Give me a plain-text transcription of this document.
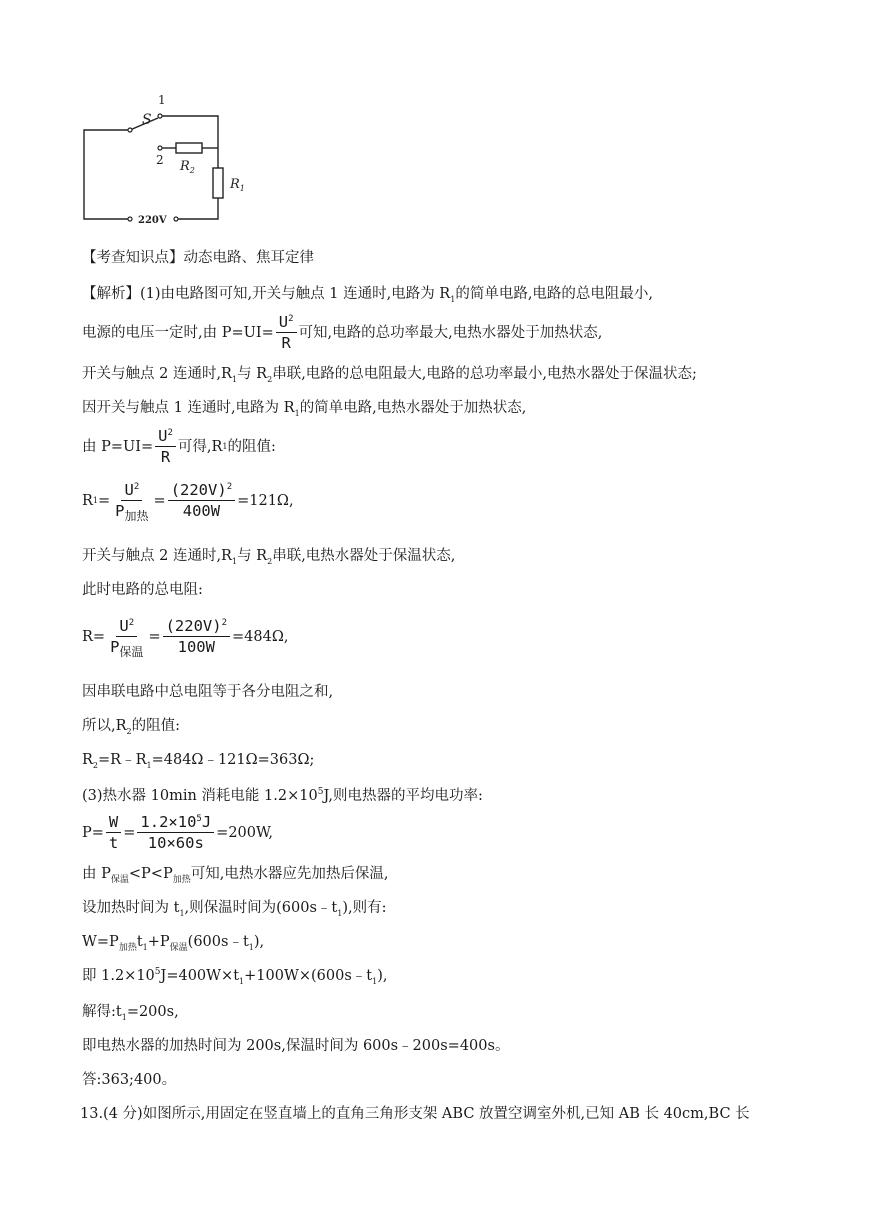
S
1
2 $R_2$
$R_1$
220V
【考查知识点】动态电路、焦耳定律
【解析】(1)由电路图可知,开关与触点 1 连通时,电路为 $R_1$的简单电路,电路的总电阻最小,
电源的电压一定时,由 $P=UI= \frac{U^2}{R}$ 可知,电路的总功率最大,电热水器处于加热状态,
开关与触点 2 连通时$,R_1$与 $R_2$串联,电路的总电阻最大,电路的总功率最小,电热水器处于保温状态;
因开关与触点 1 连通时,电路为 $R_1$的简单电路,电热水器处于加热状态,
由 $P=UI= \frac{U^2}{R}$ 可得,R 1 的阻值:
R $1 = \frac{U^2}{P_{加热}} = \frac{(220V)^2}{400W} =121\Omega$,
开关与触点 2 连通时$,R_1$与 $R_2$串联,电热水器处于保温状态,
此时电路的总电阻:
$R= \frac{U^2}{P_{保温}} = \frac{(220V)^2}{100W} =484\Omega$,
因串联电路中总电阻等于各分电阻之和,
所以$,R_2$的阻值:
$R_2=R﹣R_1=484\Omega﹣121\Omega=363\Omega$;
(3)热水器 10min 消耗电能 $1.2\times 10^5J$,则电热器的平均电功率:
$P= \frac{W}{t} = \frac{1.2\times 10^5J}{10\times 60s} =200W$,
由 $P_{保温}<P<P_{加热}$可知,电热水器应先加热后保温,
设加热时间为 $t_1$,则保温时间为$(600s﹣t_1)$,则有:
$W=P_{加热}t_1+P_{保温}(600s﹣t_1)$,
即 $1.2\times 10^5J=400W\times t_1+100W\times(600s﹣t_1)$,
解得$:t_1=200s$,
即电热水器的加热时间为 200s,保温时间为 600s﹣200s=400s。
答:363;400。
13.(4 分)如图所示,用固定在竖直墙上的直角三角形支架 ABC 放置空调室外机,已知 AB 长 40cm,BC 长
